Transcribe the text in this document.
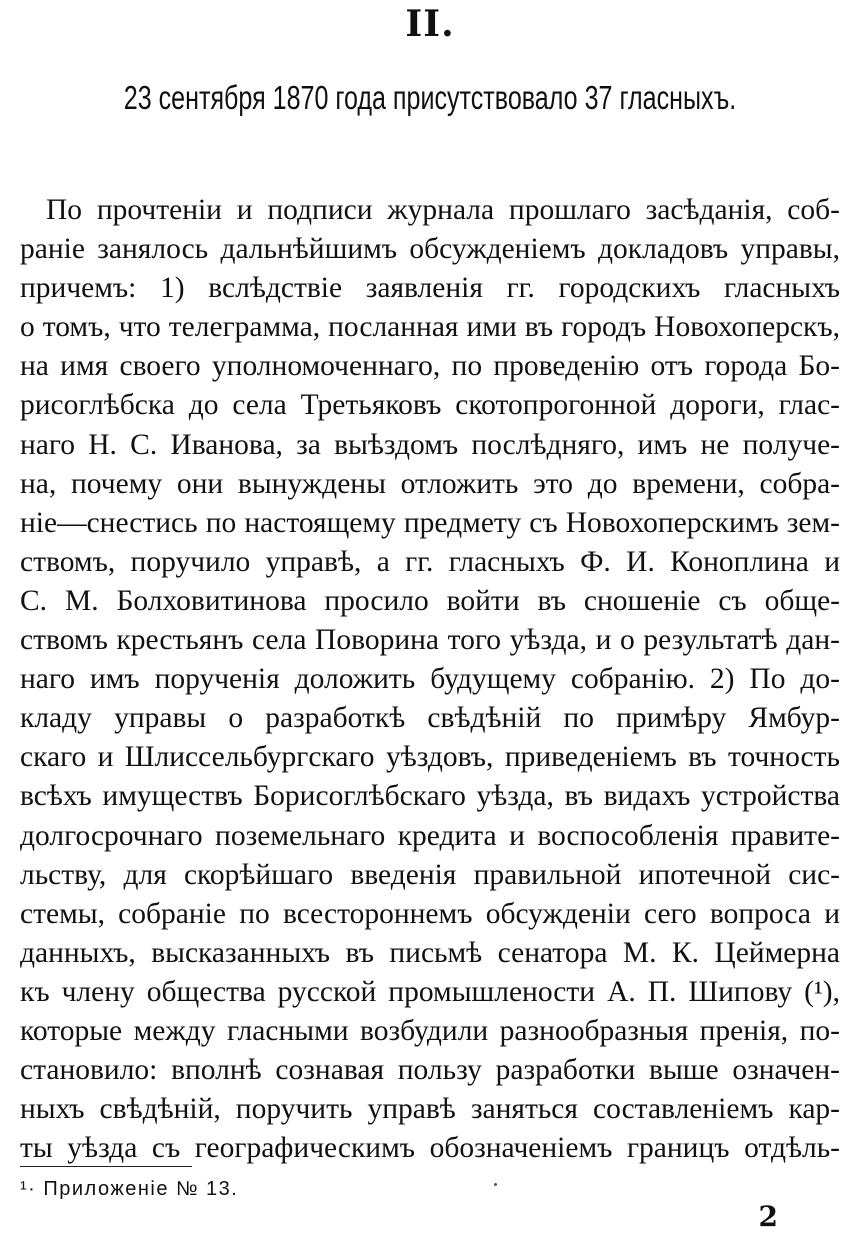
II.
23 сентября 1870 года присутствовало 37 гласныхъ.
По прочтеніи и подписи журнала прошлаго засѣданія, соб-
раніе занялось дальнѣйшимъ обсужденіемъ докладовъ управы,
причемъ: 1) вслѣдствіе заявленія гг. городскихъ гласныхъ
о томъ, что телеграмма, посланная ими въ городъ Новохоперскъ,
на имя своего уполномоченнаго, по проведенію отъ города Бо-
рисоглѣбска до села Третьяковъ скотопрогонной дороги, глас-
наго Н. С. Иванова, за выѣздомъ послѣдняго, имъ не получе-
на, почему они вынуждены отложить это до времени, собра-
ніе—снестись по настоящему предмету съ Новохоперскимъ зем-
ствомъ, поручило управѣ, а гг. гласныхъ Ф. И. Коноплина и
С. М. Болховитинова просило войти въ сношеніе съ обще-
ствомъ крестьянъ села Поворина того уѣзда, и о результатѣ дан-
наго имъ порученія доложить будущему собранію. 2) По до-
кладу управы о разработкѣ свѣдѣній по примѣру Ямбур-
скаго и Шлиссельбургскаго уѣздовъ, приведеніемъ въ точность
всѣхъ имуществъ Борисоглѣбскаго уѣзда, въ видахъ устройства
долгосрочнаго поземельнаго кредита и воспособленія правите-
льству, для скорѣйшаго введенія правильной ипотечной сис-
стемы, собраніе по всестороннемъ обсужденіи сего вопроса и
данныхъ, высказанныхъ въ письмѣ сенатора М. К. Цеймерна
къ члену общества русской промышлености А. П. Шипову (¹),
которые между гласными возбудили разнообразныя пренія, по-
становило: вполнѣ сознавая пользу разработки выше означен-
ныхъ свѣдѣній, поручить управѣ заняться составленіемъ кар-
ты уѣзда съ географическимъ обозначеніемъ границъ отдѣль-
¹· Приложеніе № 13.
2
